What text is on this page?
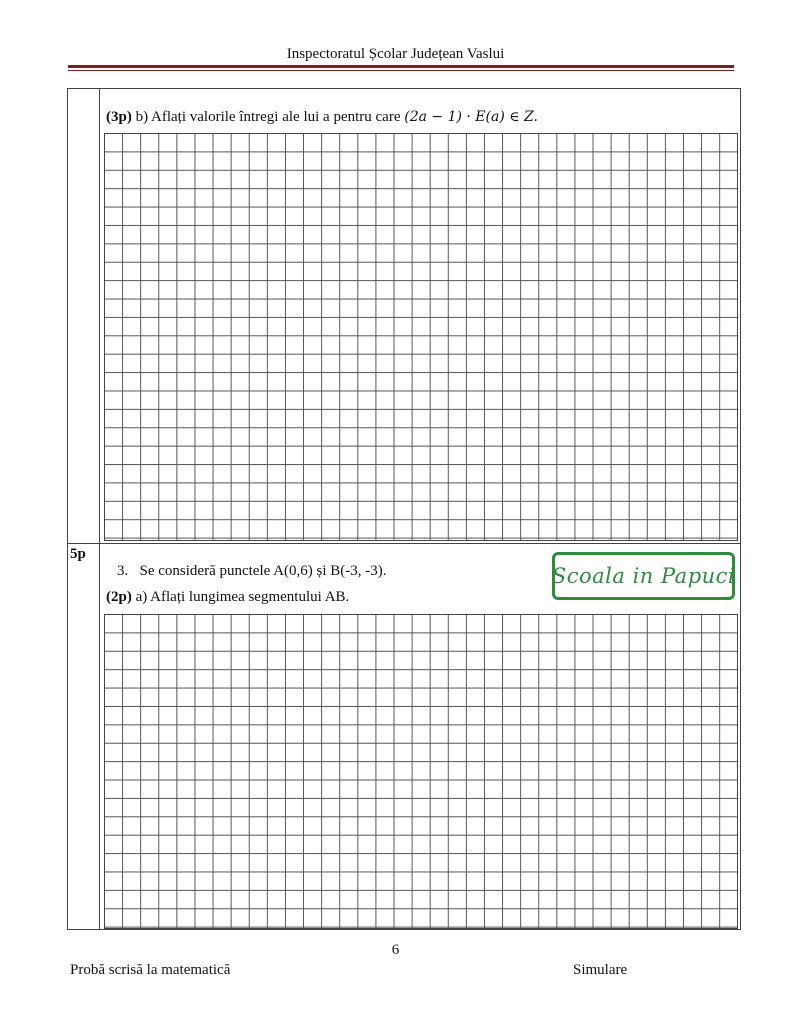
Inspectoratul Școlar Județean Vaslui
(3p) b) Aflați valorile întregi ale lui a pentru care (2a − 1) · E(a) ∈ Z.
5p
3. Se consideră punctele A(0,6) și B(-3, -3).
(2p) a) Aflați lungimea segmentului AB.
Scoala in Papuci
6
Probă scrisă la matematică	Simulare
